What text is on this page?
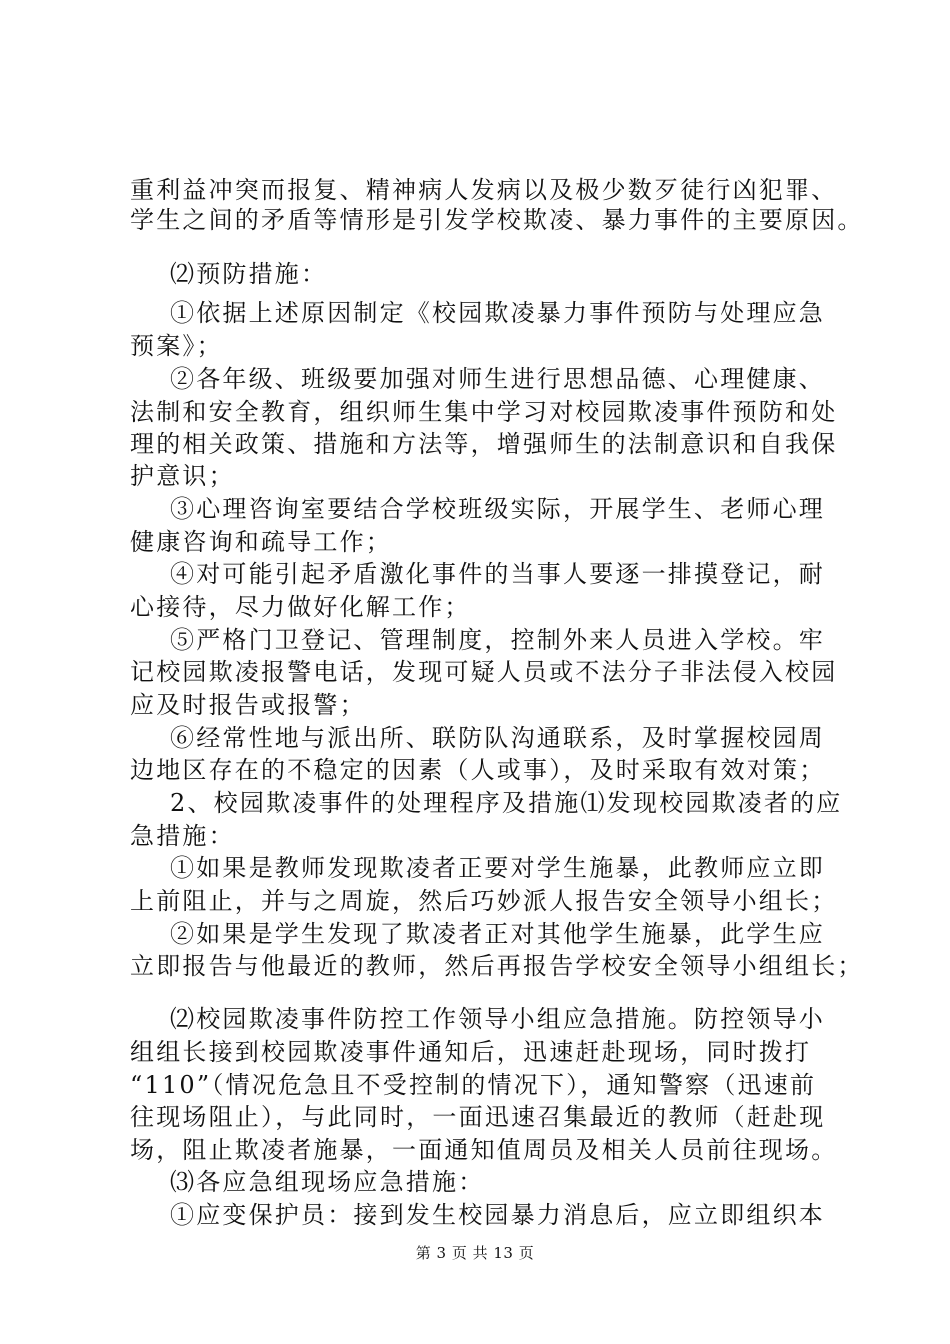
重利益冲突而报复、精神病人发病以及极少数歹徒行凶犯罪、
学生之间的矛盾等情形是引发学校欺凌、暴力事件的主要原因。
⑵预防措施：
①依据上述原因制定《校园欺凌暴力事件预防与处理应急
预案》；
②各年级、班级要加强对师生进行思想品德、心理健康、
法制和安全教育，组织师生集中学习对校园欺凌事件预防和处
理的相关政策、措施和方法等，增强师生的法制意识和自我保
护意识；
③心理咨询室要结合学校班级实际，开展学生、老师心理
健康咨询和疏导工作；
④对可能引起矛盾激化事件的当事人要逐一排摸登记，耐
心接待，尽力做好化解工作；
⑤严格门卫登记、管理制度，控制外来人员进入学校。牢
记校园欺凌报警电话，发现可疑人员或不法分子非法侵入校园
应及时报告或报警；
⑥经常性地与派出所、联防队沟通联系，及时掌握校园周
边地区存在的不稳定的因素（人或事），及时采取有效对策；
2、校园欺凌事件的处理程序及措施⑴发现校园欺凌者的应
急措施：
①如果是教师发现欺凌者正要对学生施暴，此教师应立即
上前阻止，并与之周旋，然后巧妙派人报告安全领导小组长；
②如果是学生发现了欺凌者正对其他学生施暴，此学生应
立即报告与他最近的教师，然后再报告学校安全领导小组组长；
⑵校园欺凌事件防控工作领导小组应急措施。防控领导小
组组长接到校园欺凌事件通知后，迅速赶赴现场，同时拨打
“110”（情况危急且不受控制的情况下），通知警察（迅速前
往现场阻止），与此同时，一面迅速召集最近的教师（赶赴现
场，阻止欺凌者施暴，一面通知值周员及相关人员前往现场。
⑶各应急组现场应急措施：
①应变保护员：接到发生校园暴力消息后，应立即组织本
第 3 页 共 13 页
